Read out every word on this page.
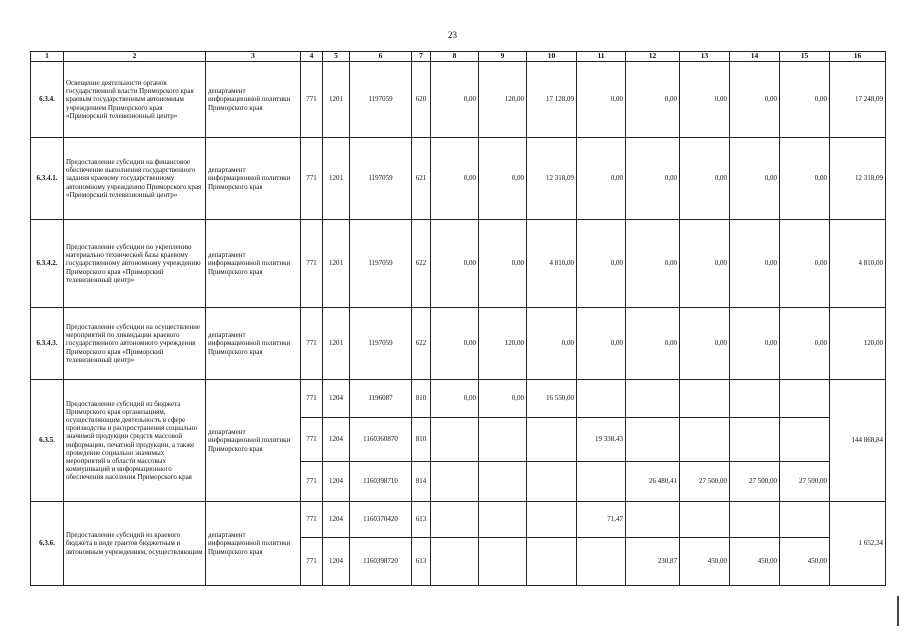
23
1	2	3	4	5	6	7	8	9	10	11	12	13	14	15	16
6.3.4.	Освещение деятельности органов государственной власти Приморского края краевым государственным автономным учреждением Приморского края «Приморский телевизионный центр»	департамент информационной политики Приморского края	771	1201	1197059	620	0,00	120,00	17 128,09	0,00	0,00	0,00	0,00	0,00	17 248,09
6.3.4.1.	Предоставление субсидии на финансовое обеспечение выполнения государственного задания краевому государственному автономному учреждению Приморского края «Приморский телевизионный центр»	департамент информационной политики Приморского края	771	1201	1197059	621	0,00	0,00	12 318,09	0,00	0,00	0,00	0,00	0,00	12 318,09
6.3.4.2.	Предоставление субсидии по укреплению материально технической базы краевому государственному автономному учреждению Приморского края «Приморский телевизионный центр»	департамент информационной политики Приморского края	771	1201	1197059	622	0,00	0,00	4 810,00	0,00	0,00	0,00	0,00	0,00	4 810,00
6.3.4.3.	Предоставление субсидии на осуществление мероприятий по ликвидации краевого государственного автономного учреждения Приморского края «Приморский телевизионный центр»	департамент информационной политики Приморского края	771	1201	1197059	622	0,00	120,00	0,00	0,00	0,00	0,00	0,00	0,00	120,00
6.3.5.	Предоставление субсидий из бюджета Приморского края организациям, осуществляющим деятельность в сфере производства и распространения социально значимой продукции средств массовой информации, печатной продукции, а также проведение социально значимых мероприятий в области массовых коммуникаций и информационного обеспечения населения Приморского края	департамент информационной политики Приморского края	771	1204	1196087	810	0,00	0,00	16 550,00						144 868,84
			771	1204	1160360870	810				19 338,43					
			771	1204	1160398710	814					26 480,41	27 500,00	27 500,00	27 500,00	
6.3.6.	Предоставление субсидий из краевого бюджета в виде грантов бюджетным и автономным учреждениям, осуществляющим	департамент информационной политики Приморского края	771	1204	1160370420	613				71,47					1 652,34
			771	1204	1160398720	613					230,87	450,00	450,00	450,00	
